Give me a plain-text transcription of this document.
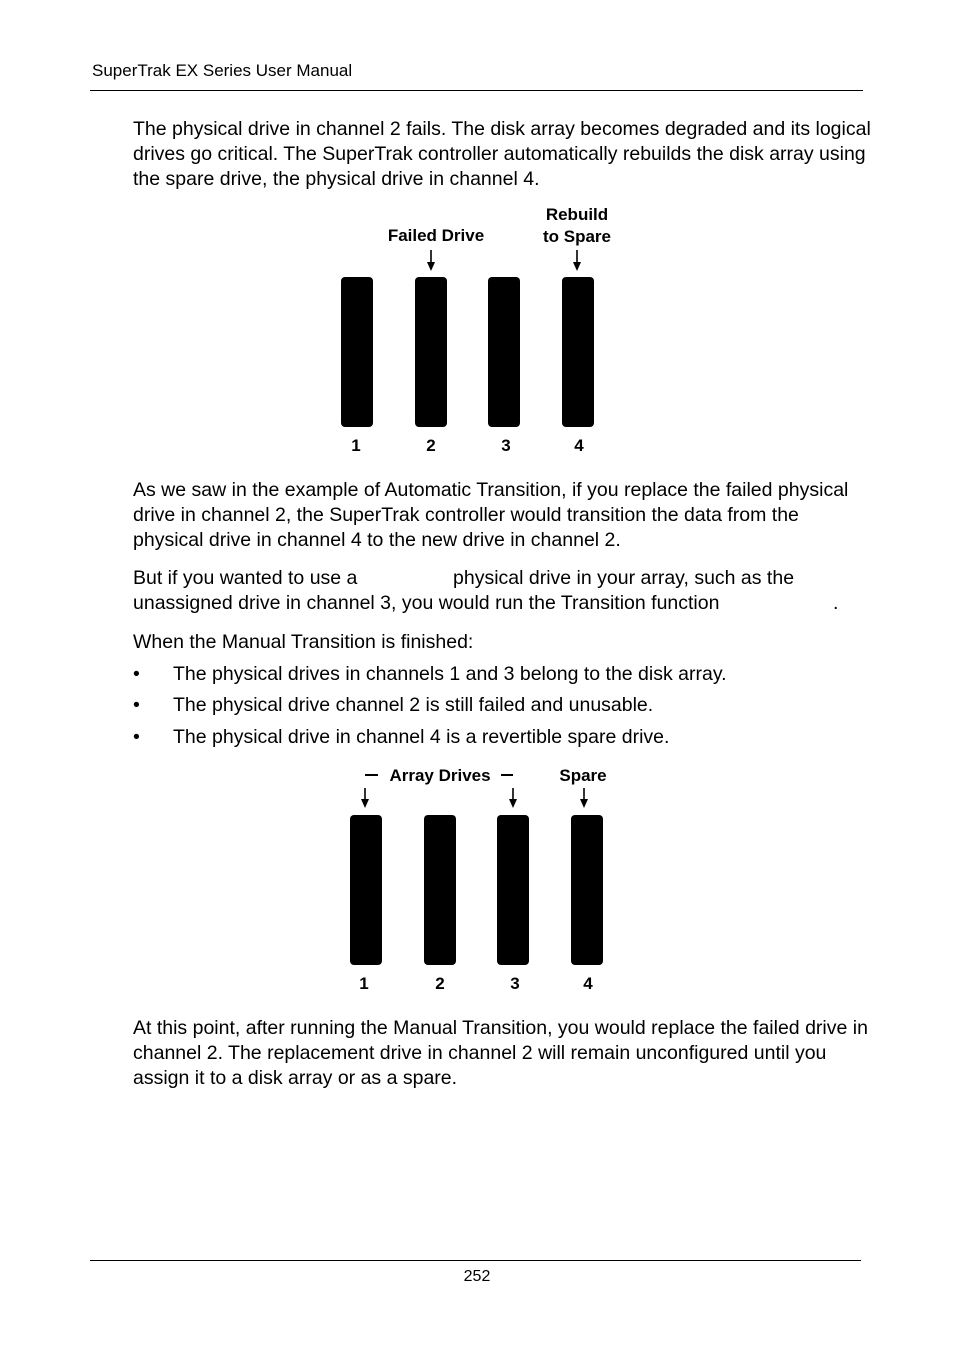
SuperTrak EX Series User Manual

The physical drive in channel 2 fails. The disk array becomes degraded and its logical drives go critical. The SuperTrak controller automatically rebuilds the disk array using the spare drive, the physical drive in channel 4.

Failed Drive
Rebuild
to Spare
1	2	3	4

As we saw in the example of Automatic Transition, if you replace the failed physical drive in channel 2, the SuperTrak controller would transition the data from the physical drive in channel 4 to the new drive in channel 2.

But if you wanted to use a	physical drive in your array, such as the
unassigned drive in channel 3, you would run the Transition function	.

When the Manual Transition is finished:

• The physical drives in channels 1 and 3 belong to the disk array.
• The physical drive channel 2 is still failed and unusable.
• The physical drive in channel 4 is a revertible spare drive.
Array Drives	Spare
1	2	3	4

At this point, after running the Manual Transition, you would replace the failed drive in channel 2. The replacement drive in channel 2 will remain unconfigured until you assign it to a disk array or as a spare.

252
